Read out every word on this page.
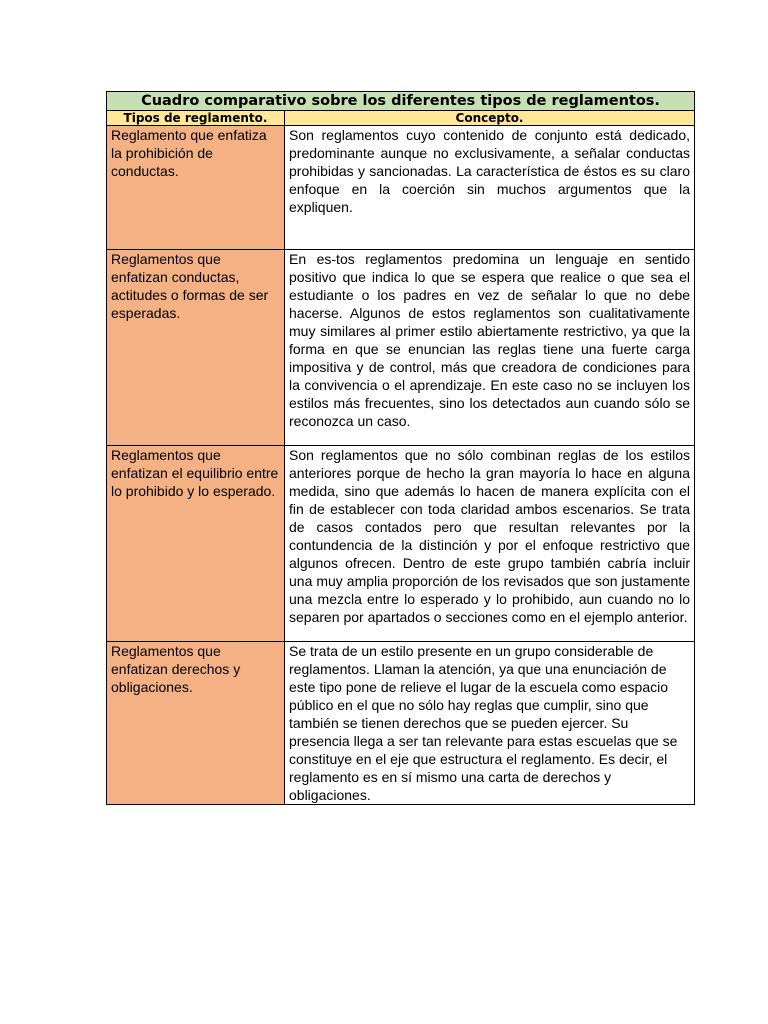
Cuadro comparativo sobre los diferentes tipos de reglamentos.	
Tipos de reglamento.	Concepto.
Reglamento que enfatiza la prohibición de conductas.	Son reglamentos cuyo contenido de conjunto está dedicado, predominante aunque no exclusivamente, a señalar conductas prohibidas y sancionadas. La característica de éstos es su claro enfoque en la coerción sin muchos argumentos que la expliquen.
Reglamentos que enfatizan conductas, actitudes o formas de ser esperadas.	En es-tos reglamentos predomina un lenguaje en sentido positivo que indica lo que se espera que realice o que sea el estudiante o los padres en vez de señalar lo que no debe hacerse. Algunos de estos reglamentos son cualitativamente muy similares al primer estilo abiertamente restrictivo, ya que la forma en que se enuncian las reglas tiene una fuerte carga impositiva y de control, más que creadora de condiciones para la convivencia o el aprendizaje. En este caso no se incluyen los estilos más frecuentes, sino los detectados aun cuando sólo se reconozca un caso.
Reglamentos que enfatizan el equilibrio entre lo prohibido y lo esperado.	Son reglamentos que no sólo combinan reglas de los estilos anteriores porque de hecho la gran mayoría lo hace en alguna medida, sino que además lo hacen de manera explícita con el fin de establecer con toda claridad ambos escenarios. Se trata de casos contados pero que resultan relevantes por la contundencia de la distinción y por el enfoque restrictivo que algunos ofrecen. Dentro de este grupo también cabría incluir una muy amplia proporción de los revisados que son justamente una mezcla entre lo esperado y lo prohibido, aun cuando no lo separen por apartados o secciones como en el ejemplo anterior.
Reglamentos que enfatizan derechos y obligaciones.	Se trata de un estilo presente en un grupo considerable de reglamentos. Llaman la atención, ya que una enunciación de este tipo pone de relieve el lugar de la escuela como espacio público en el que no sólo hay reglas que cumplir, sino que también se tienen derechos que se pueden ejercer. Su presencia llega a ser tan relevante para estas escuelas que se constituye en el eje que estructura el reglamento. Es decir, el reglamento es en sí mismo una carta de derechos y obligaciones.
